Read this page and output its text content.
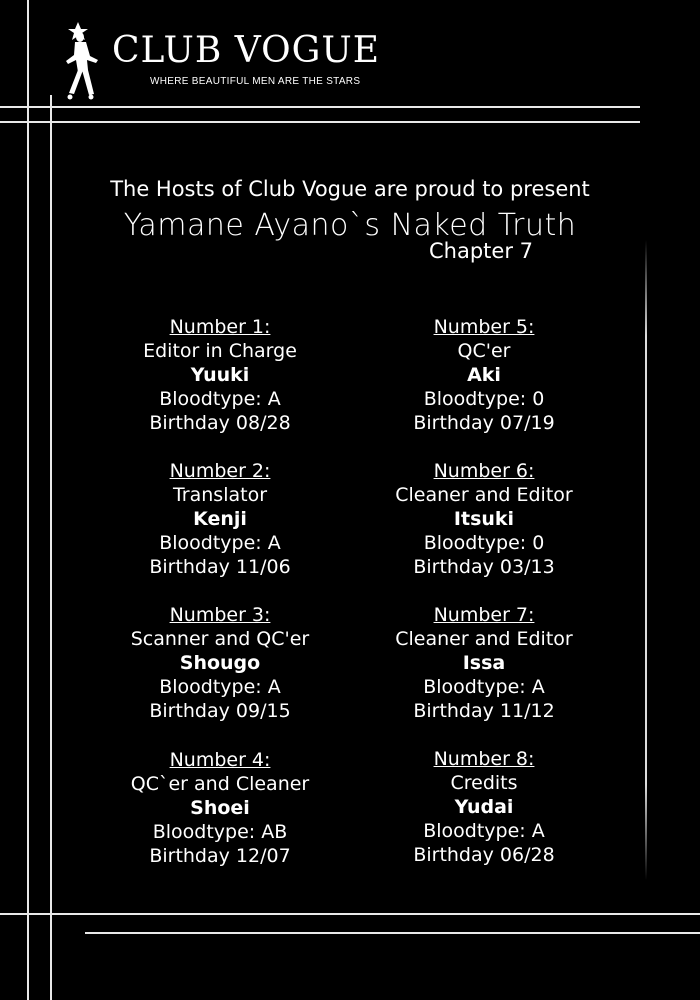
CLUB VOGUE
WHERE BEAUTIFUL MEN ARE THE STARS
The Hosts of Club Vogue are proud to present
Yamane Ayano`s Naked Truth
Chapter 7
Number 1:
Editor in Charge
Yuuki
Bloodtype: A
Birthday 08/28
Number 2:
Translator
Kenji
Bloodtype: A
Birthday 11/06
Number 3:
Scanner and QC'er
Shougo
Bloodtype: A
Birthday 09/15
Number 4:
QC`er and Cleaner
Shoei
Bloodtype: AB
Birthday 12/07
Number 5:
QC'er
Aki
Bloodtype: 0
Birthday 07/19
Number 6:
Cleaner and Editor
Itsuki
Bloodtype: 0
Birthday 03/13
Number 7:
Cleaner and Editor
Issa
Bloodtype: A
Birthday 11/12
Number 8:
Credits
Yudai
Bloodtype: A
Birthday 06/28
